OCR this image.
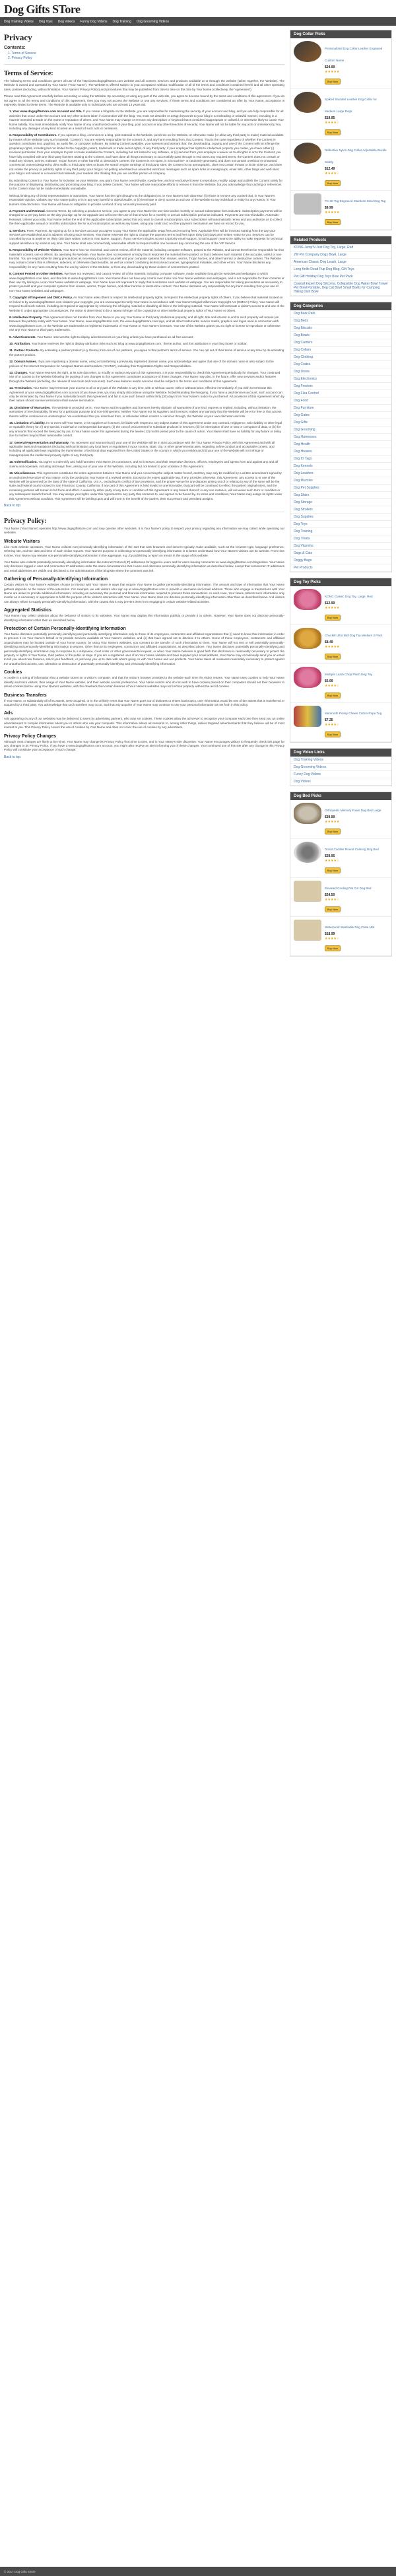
Dog Gifts STore
Dog Training Videos Dog Toys Dog Videos Funny Dog Videos Dog Training Dog Grooming Videos
Privacy
Contents:
1. Terms of Service
2. Privacy Policy
Terms of Service:

The following terms and conditions govern all use of the http://www.dogsgiftsstore.com website and all content, services and products available at or through the website (taken together, the Website). The Website is owned and operated by Your Name ('Your Name'). The Website is offered subject to your acceptance without modification of all of the terms and conditions contained herein and all other operating rules, policies (including, without limitation, Your Name's Privacy Policy) and procedures that may be published from time to time on this Site by Your Name (collectively, the 'Agreement').

Please read this Agreement carefully before accessing or using the Website. By accessing or using any part of the web site, you agree to become bound by the terms and conditions of this agreement. If you do not agree to all the terms and conditions of this agreement, then you may not access the Website or use any services. If these terms and conditions are considered an offer by Your Name, acceptance is expressly limited to these terms. The Website is available only to individuals who are at least 13 years old.

1. Your www.dogsgiftsstore.com Account and Site. If you create a blog/site on the Website, you are responsible for maintaining the security of your account and blog, and you are fully responsible for all activities that occur under the account and any other actions taken in connection with the blog. You must not describe or assign keywords to your blog in a misleading or unlawful manner, including in a manner intended to trade on the name or reputation of others, and Your Name may change or remove any description or keyword that it considers inappropriate or unlawful, or otherwise likely to cause Your Name liability. You must immediately notify Your Name of any unauthorized uses of your blog, your account or any other breaches of security. Your Name will not be liable for any acts or omissions by You, including any damages of any kind incurred as a result of such acts or omissions.
2. Responsibility of Contributors. If you operate a blog, comment on a blog, post material to the Website, post links on the Website, or otherwise make (or allow any third party to make) material available by means of the Website (any such material, 'Content'), You are entirely responsible for the content of, and any harm resulting from, that Content. That is the case regardless of whether the Content in question constitutes text, graphics, an audio file, or computer software. By making Content available, you represent and warrant that: the downloading, copying and use of the Content will not infringe the proprietary rights, including but not limited to the copyright, patent, trademark or trade secret rights, of any third party; if your employer has rights to intellectual property you create, you have either (i) received permission from your employer to post or make available the Content, including but not limited to any software, or (ii) secured from your employer a waiver as to all rights in or to the Content; you have fully complied with any third-party licenses relating to the Content, and have done all things necessary to successfully pass through to end users any required terms; the Content does not contain or install any viruses, worms, malware, Trojan horses or other harmful or destructive content; the Content is not spam, is not machine- or randomly-generated, and does not contain unethical or unwanted commercial content designed to drive traffic to third party sites or boost the search engine rankings of third party sites; the Content is not pornographic, does not contain threats or incite violence, and does not violate the privacy or publicity rights of any third party; your blog is not getting advertised via unwanted electronic messages such as spam links on newsgroups, email lists, other blogs and web sites; your blog is not named in a manner that misleads your readers into thinking that you are another person or company.
By submitting Content to Your Name for inclusion on your Website, you grant Your Name a world-wide, royalty-free, and non-exclusive license to reproduce, modify, adapt and publish the Content solely for the purpose of displaying, distributing and promoting your blog. If you delete Content, Your Name will use reasonable efforts to remove it from the Website, but you acknowledge that caching or references to the Content may not be made immediately unavailable.
Without limiting any of those representations or warranties, Your Name has the right (though not the obligation) to, in Your Name's sole discretion (i) refuse or remove any content that, in Your Name's reasonable opinion, violates any Your Name policy or is in any way harmful or objectionable, or (ii) terminate or deny access to and use of the Website to any individual or entity for any reason, in Your Name's sole discretion. Your Name will have no obligation to provide a refund of any amounts previously paid.
3. Payment and Renewal. General Terms. By selecting a product or service, you agree to pay Your Name the one-time and/or monthly or annual subscription fees indicated. Subscription payments will be charged on a pre-pay basis on the day you sign up for an Upgrade and will cover the use of that service for a monthly or annual subscription period as indicated. Payments are not refundable. Automatic Renewal. Unless you notify Your Name before the end of the applicable subscription period that you want to cancel a subscription, your subscription will automatically renew and you authorize us to collect the then-applicable annual or monthly subscription fee for such subscription as well as any taxes, using any credit card or other payment mechanism we have on record for you.
4. Services. Fees; Payment. By signing up for a Services account you agree to pay Your Name the applicable setup fees and recurring fees. Applicable fees will be invoiced starting from the day your services are established and in advance of using such services. Your Name reserves the right to change the payment terms and fees upon thirty (30) days prior written notice to you. Services can be canceled by you at anytime on thirty (30) days written notice to Your Name. Support. If your service includes access to priority email support, 'Email support' means the ability to make requests for technical support assistance by email at any time. Your Name shall use commercially reasonable efforts to respond within one business day concerning the use of the VIP Service.
5. Responsibility of Website Visitors. Your Name has not reviewed, and cannot review, all of the material, including computer software, posted to the Website, and cannot therefore be responsible for that material's content, use or effects. By operating the Website, Your Name does not represent or imply that it endorses the material there posted, or that it believes such material to be accurate, useful or non-harmful. You are responsible for taking precautions as necessary to protect yourself and your computer systems from viruses, worms, Trojan horses, and other harmful or destructive content. The Website may contain content that is offensive, indecent, or otherwise objectionable, as well as content containing technical inaccuracies, typographical mistakes, and other errors. Your Name disclaims any responsibility for any harm resulting from the use by visitors of the Website, or from any downloading by those visitors of content there posted.
6. Content Posted on Other Websites. We have not reviewed, and cannot review, all of the material, including computer software, made available through the websites and webpages to which www.dogsgiftsstore.com links, and that link to www.dogsgiftsstore.com. Your Name does not have any control over those non-Your Name websites and webpages, and is not responsible for their contents or their use. By linking to a non-Your Name website or webpage, Your Name does not represent or imply that it endorses such website or webpage. You are responsible for taking precautions as necessary to protect yourself and your computer systems from viruses, worms, Trojan horses, and other harmful or destructive content. Your Name disclaims any responsibility for any harm resulting from your use of non-Your Name websites and webpages.
7. Copyright Infringement and DMCA Policy. As Your Name asks others to respect its intellectual property rights, it respects the intellectual property rights of others. If you believe that material located on or linked to by www.dogsgiftsstore.com violates your copyright, you are encouraged to notify Your Name in accordance with Your Name's Digital Millennium Copyright Act ('DMCA') Policy. Your Name will respond to all such notices, including as required or appropriate by removing the infringing material or disabling all links to the infringing material. Your Name will terminate a visitor's access to and use of the Website if, under appropriate circumstances, the visitor is determined to be a repeat infringer of the copyrights or other intellectual property rights of Your Name or others.
8. Intellectual Property. This Agreement does not transfer from Your Name to you any Your Name or third party intellectual property, and all right, title and interest in and to such property will remain (as between the parties) solely with Your Name. Your Name, www.dogsgiftsstore.com, the www.dogsgiftsstore.com logo, and all other trademarks, service marks, graphics and logos used in connection with www.dogsgiftsstore.com, or the Website are trademarks or registered trademarks of Your Name or Your Name's licensors. Your use of the Website grants you no right or license to reproduce or otherwise use any Your Name or third-party trademarks.
9. Advertisements. Your Name reserves the right to display advertisements on your blog unless you have purchased an ad-free account.
10. Attribution. Your Name reserves the right to display attribution links such as 'Blog at www.dogsgiftsstore.com,' theme author, and font attribution in your blog footer or toolbar.
11. Partner Products. By activating a partner product (e.g. theme) from one of our partners, you agree to that partner's terms of service. You can opt out of their terms of service at any time by de-activating the partner product.
12. Domain Names. If you are registering a domain name, using or transferring a previously registered domain name, you acknowledge and agree that use of the domain name is also subject to the policies of the Internet Corporation for Assigned Names and Numbers ('ICANN'), including their Registration Rights and Responsibilities.
13. Changes. Your Name reserves the right, at its sole discretion, to modify or replace any part of this Agreement. It is your responsibility to check this Agreement periodically for changes. Your continued use of or access to the Website following the posting of any changes to this Agreement constitutes acceptance of those changes. Your Name may also, in the future, offer new services and/or features through the Website (including, the release of new tools and resources). Such new features and/or services shall be subject to the terms and conditions of this Agreement.
14. Termination. Your Name may terminate your access to all or any part of the Website at any time, with or without cause, with or without notice, effective immediately. If you wish to terminate this Agreement or your www.dogsgiftsstore.com account (if you have one), you may simply discontinue using the Website. Notwithstanding the foregoing, if you have a paid services account, such account can only be terminated by Your Name if you materially breach this Agreement and fail to cure such breach within thirty (30) days from Your Name's notice to you thereof. All provisions of this Agreement which by their nature should survive termination shall survive termination.
15. Disclaimer of Warranties. The Website is provided 'as is'. Your Name and its suppliers and licensors hereby disclaim all warranties of any kind, express or implied, including, without limitation, the warranties of merchantability, fitness for a particular purpose and non-infringement. Neither Your Name nor its suppliers and licensors, makes any warranty that the Website will be error free or that access thereto will be continuous or uninterrupted. You understand that you download from, or otherwise obtain content or services through, the Website at your own discretion and risk.
16. Limitation of Liability. In no event will Your Name, or its suppliers or licensors, be liable with respect to any subject matter of this agreement under any contract, negligence, strict liability or other legal or equitable theory for: (i) any special, incidental or consequential damages; (ii) the cost of procurement for substitute products or services; (iii) for interruption of use or loss or corruption of data; or (iv) for any amounts that exceed the fees paid by you to Your Name under this agreement during the twelve (12) month period prior to the cause of action. Your Name shall have no liability for any failure or delay due to matters beyond their reasonable control.
17. General Representation and Warranty. You represent and warrant that (i) your use of the Website will be in strict accordance with the Your Name Privacy Policy, with this Agreement and with all applicable laws and regulations (including without limitation any local laws or regulations in your country, state, city, or other governmental area, regarding online conduct and acceptable content, and including all applicable laws regarding the transmission of technical data exported from the United States or the country in which you reside) and (ii) your use of the Website will not infringe or misappropriate the intellectual property rights of any third party.
18. Indemnification. You agree to indemnify and hold harmless Your Name, its contractors, and its licensors, and their respective directors, officers, employees and agents from and against any and all claims and expenses, including attorneys' fees, arising out of your use of the Website, including but not limited to your violation of this Agreement.
19. Miscellaneous. This Agreement constitutes the entire agreement between Your Name and you concerning the subject matter hereof, and they may only be modified by a written amendment signed by an authorized executive of Your Name, or by the posting by Your Name of a revised version. Except to the extent applicable law, if any, provides otherwise, this Agreement, any access to or use of the Website will be governed by the laws of the state of California, U.S.A., excluding its conflict of law provisions, and the proper venue for any disputes arising out of or relating to any of the same will be the state and federal courts located in San Francisco County, California. If any part of this Agreement is held invalid or unenforceable, that part will be construed to reflect the parties' original intent, and the remaining portions will remain in full force and effect. A waiver by either party of any term or condition of this Agreement or any breach thereof, in any one instance, will not waive such term or condition or any subsequent breach thereof. You may assign your rights under this Agreement to any party that consents to, and agrees to be bound by, its terms and conditions; Your Name may assign its rights under this Agreement without condition. This Agreement will be binding upon and will inure to the benefit of the parties, their successors and permitted assigns.
Back to top
Privacy Policy:

Your Name ('Your Name') operates http://www.dogsgiftsstore.com and may operate other websites. It is Your Name's policy to respect your privacy regarding any information we may collect while operating our websites.

Website Visitors

Like most website operators, Your Name collects non-personally-identifying information of the sort that web browsers and servers typically make available, such as the browser type, language preference, referring site, and the date and time of each visitor request. Your Name's purpose in collecting non-personally identifying information is to better understand how Your Name's visitors use its website. From time to time, Your Name may release non-personally-identifying information in the aggregate, e.g., by publishing a report on trends in the usage of its website.

Your Name also collects potentially personally-identifying information like Internet Protocol (IP) addresses for logged in users and for users leaving comments on www.dogsgiftsstore.com blogs/sites. Your Name only discloses logged in user and commenter IP addresses under the same circumstances that it uses and discloses personally-identifying information as described below, except that commenter IP addresses and email addresses are visible and disclosed to the administrators of the blog/site where the comment was left.

Gathering of Personally-Identifying Information

Certain visitors to Your Name's websites choose to interact with Your Name in ways that require Your Name to gather personally-identifying information. The amount and type of information that Your Name gathers depends on the nature of the interaction. For example, we ask visitors who sign up at www.dogsgiftsstore.com to provide a username and email address. Those who engage in transactions with Your Name are asked to provide additional information, including as necessary the personal and financial information required to process those transactions. In each case, Your Name collects such information only insofar as is necessary or appropriate to fulfill the purpose of the visitor's interaction with Your Name. Your Name does not disclose personally-identifying information other than as described below. And visitors can always refuse to supply personally-identifying information, with the caveat that it may prevent them from engaging in certain website-related activities.

Aggregated Statistics

Your Name may collect statistics about the behavior of visitors to its websites. Your Name may display this information publicly or provide it to others. However, Your Name does not disclose personally-identifying information other than as described below.

Protection of Certain Personally-Identifying Information

Your Name discloses potentially personally-identifying and personally-identifying information only to those of its employees, contractors and affiliated organizations that (i) need to know that information in order to process it on Your Name's behalf or to provide services available at Your Name's websites, and (ii) that have agreed not to disclose it to others. Some of those employees, contractors and affiliated organizations may be located outside of your home country; by using Your Name's websites, you consent to the transfer of such information to them. Your Name will not rent or sell potentially personally-identifying and personally-identifying information to anyone. Other than to its employees, contractors and affiliated organizations, as described above, Your Name discloses potentially personally-identifying and personally-identifying information only in response to a subpoena, court order or other governmental request, or when Your Name believes in good faith that disclosure is reasonably necessary to protect the property or rights of Your Name, third parties or the public at large. If you are a registered user of an Your Name website and have supplied your email address, Your Name may occasionally send you an email to tell you about new features, solicit your feedback, or just keep you up to date with what's going on with Your Name and our products. Your Name takes all measures reasonably necessary to protect against the unauthorized access, use, alteration or destruction of potentially personally-identifying and personally-identifying information.

Cookies

A cookie is a string of information that a website stores on a visitor's computer, and that the visitor's browser provides to the website each time the visitor returns. Your Name uses cookies to help Your Name identify and track visitors, their usage of Your Name website, and their website access preferences. Your Name visitors who do not wish to have cookies placed on their computers should set their browsers to refuse cookies before using Your Name's websites, with the drawback that certain features of Your Name's websites may not function properly without the aid of cookies.

Business Transfers

If Your Name, or substantially all of its assets, were acquired, or in the unlikely event that Your Name goes out of business or enters bankruptcy, user information would be one of the assets that is transferred or acquired by a third party. You acknowledge that such transfers may occur, and that any acquirer of Your Name may continue to use your personal information as set forth in this policy.

Ads

Ads appearing on any of our websites may be delivered to users by advertising partners, who may set cookies. These cookies allow the ad server to recognize your computer each time they send you an online advertisement to compile information about you or others who use your computer. This information allows ad networks to, among other things, deliver targeted advertisements that they believe will be of most interest to you. This Privacy Policy covers the use of cookies by Your Name and does not cover the use of cookies by any advertisers.

Privacy Policy Changes

Although most changes are likely to be minor, Your Name may change its Privacy Policy from time to time, and in Your Name's sole discretion. Your Name encourages visitors to frequently check this page for any changes to its Privacy Policy. If you have a www.dogsgiftsstore.com account, you might also receive an alert informing you of these changes. Your continued use of this site after any change in this Privacy Policy will constitute your acceptance of such change.

Back to top
Dog Collar Picks
Personalized Dog Collar Leather Engraved Custom Name
$24.99
★★★★★
Buy Now
Spiked Studded Leather Dog Collar for Medium Large Dogs
$19.95
★★★★☆
Buy Now
Reflective Nylon Dog Collar Adjustable Buckle Safety
$12.49
★★★★☆
Buy Now
Pet ID Tag Engraved Stainless Steel Dog Tag
$9.99
★★★★★
Buy Now
Related Products
KONG Jump'N Just Dog Toy, Large, Red
JW Pet Company Dogs Bowl, Large
American Classic Dog Leash, Large
Long Knife Dead Pup Dog Blog, Gift Toys
Pet Gift Holiday Dog Toys Blue Pet Pack
Coastal Expert Dog Sitcoma, Collapsible Dog Water Bowl Travel Pet Bowl Portable, Dog Cat Bowl Small Bowls for Camping Hiking Dish Bowl
Dog Categories
Dog Bark Park
Dog Beds
Dog Biscuits
Dog Bowls
Dog Carriers
Dog Collars
Dog Clothing
Dog Crates
Dog Doors
Dog Electronics
Dog Feeders
Dog Flea Control
Dog Food
Dog Furniture
Dog Gates
Dog Gifts
Dog Grooming
Dog Harnesses
Dog Health
Dog Houses
Dog ID Tags
Dog Kennels
Dog Leashes
Dog Muzzles
Dog Pet Supplies
Dog Stairs
Dog Storage
Dog Strollers
Dog Supplies
Dog Toys
Dog Training
Dog Treats
Dog Vitamins
Dogs & Cats
Doggy Bags
Pet Products
Dog Toy Picks
KONG Classic Dog Toy, Large, Red
$12.99
★★★★★
Buy Now
Chuckit! Ultra Ball Dog Toy Medium 2 Pack
$8.49
★★★★★
Buy Now
Multipet Lamb Chop Plush Dog Toy
$6.99
★★★★☆
Buy Now
Mammoth Flossy Chews Cotton Rope Tug
$7.25
★★★★☆
Buy Now
Dog Video Links
Dog Training Videos
Dog Grooming Videos
Funny Dog Videos
Dog Videos
Dog Bed Picks
Orthopedic Memory Foam Dog Bed Large
$39.99
★★★★★
Buy Now
Donut Cuddler Round Calming Dog Bed
$29.95
★★★★☆
Buy Now
Elevated Cooling Pet Cot Dog Bed
$24.50
★★★★☆
Buy Now
Waterproof Washable Dog Crate Mat
$18.99
★★★★☆
Buy Now
© 2017 Dog Gifts STore
